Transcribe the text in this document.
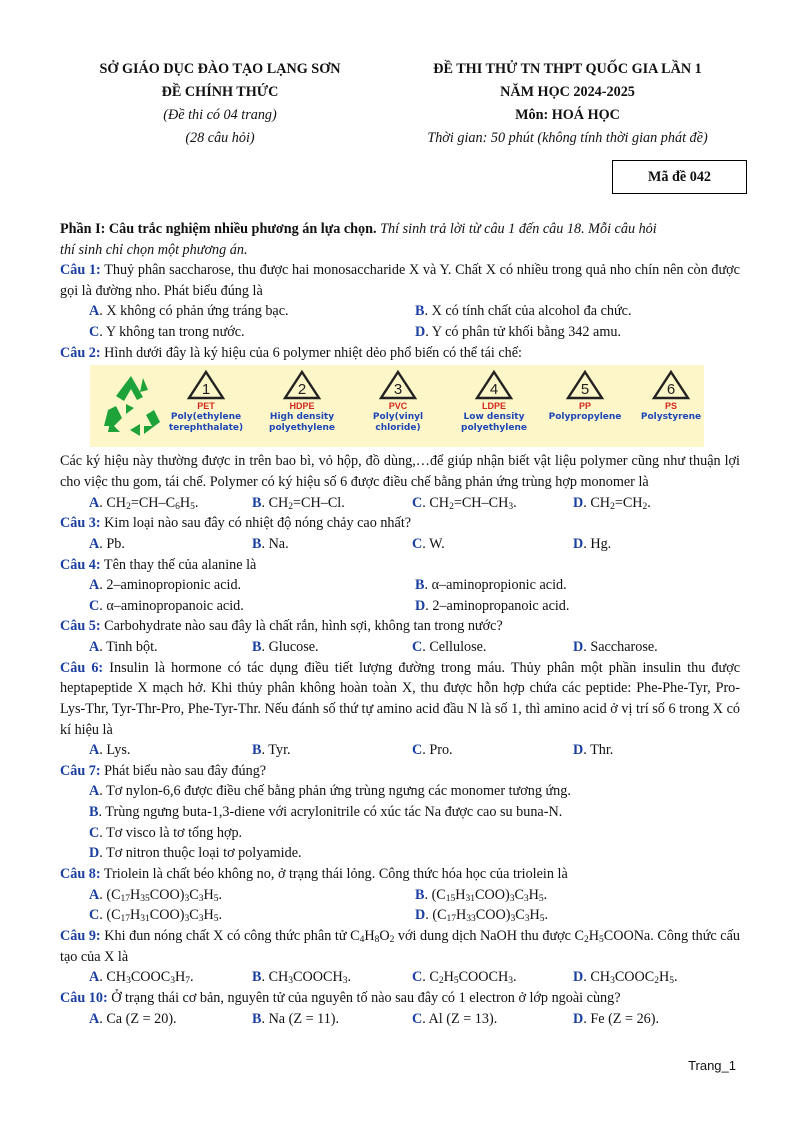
SỞ GIÁO DỤC ĐÀO TẠO LẠNG SƠN
ĐỀ CHÍNH THỨC
(Đề thi có 04 trang)
(28 câu hỏi)
ĐỀ THI THỬ TN THPT QUỐC GIA LẦN 1
NĂM HỌC 2024-2025
Môn: HOÁ HỌC
Thời gian: 50 phút (không tính thời gian phát đề)
Mã đề 042

Phần I: Câu trắc nghiệm nhiều phương án lựa chọn. Thí sinh trả lời từ câu 1 đến câu 18. Mỗi câu hỏi
thí sinh chỉ chọn một phương án.

Câu 1: Thuỷ phân saccharose, thu được hai monosaccharide X và Y. Chất X có nhiều trong quả nho chín nên còn được gọi là đường nho. Phát biểu đúng là

A. X không có phản ứng tráng bạc.	B. X có tính chất của alcohol đa chức.
C. Y không tan trong nước.	D. Y có phân tử khối bằng 342 amu.

Câu 2: Hình dưới đây là ký hiệu của 6 polymer nhiệt dẻo phổ biến có thể tái chế:

1
PET
Poly(ethylene
terephthalate)
2
HDPE
High density
polyethylene
3
PVC
Poly(vinyl
chloride)
4
LDPE
Low density
polyethylene
5
PP
Polypropylene
6
PS
Polystyrene

Các ký hiệu này thường được in trên bao bì, vỏ hộp, đồ dùng,…để giúp nhận biết vật liệu polymer cũng như thuận lợi cho việc thu gom, tái chế. Polymer có ký hiệu số 6 được điều chế bằng phản ứng trùng hợp monomer là

A. $CH_2=CH-C_6H_5$.	B. $CH_2=CH-Cl$.	C. $CH_2=CH-CH_3$.	D. $CH_2=CH_2$.

Câu 3: Kim loại nào sau đây có nhiệt độ nóng chảy cao nhất?

A. Pb.	B. Na.	C. W.	D. Hg.

Câu 4: Tên thay thế của alanine là

A. 2–aminopropionic acid.	B. α–aminopropionic acid.
C. α–aminopropanoic acid.	D. 2–aminopropanoic acid.

Câu 5: Carbohydrate nào sau đây là chất rắn, hình sợi, không tan trong nước?

A. Tinh bột.	B. Glucose.	C. Cellulose.	D. Saccharose.

Câu 6: Insulin là hormone có tác dụng điều tiết lượng đường trong máu. Thủy phân một phần insulin thu được heptapeptide X mạch hở. Khi thủy phân không hoàn toàn X, thu được hỗn hợp chứa các peptide: Phe-Phe-Tyr, Pro-Lys-Thr, Tyr-Thr-Pro, Phe-Tyr-Thr. Nếu đánh số thứ tự amino acid đầu N là số 1, thì amino acid ở vị trí số 6 trong X có kí hiệu là

A. Lys.	B. Tyr.	C. Pro.	D. Thr.

Câu 7: Phát biểu nào sau đây đúng?

A. Tơ nylon-6,6 được điều chế bằng phản ứng trùng ngưng các monomer tương ứng.
B. Trùng ngưng buta-1,3-diene với acrylonitrile có xúc tác Na được cao su buna-N.
C. Tơ visco là tơ tổng hợp.
D. Tơ nitron thuộc loại tơ polyamide.

Câu 8: Triolein là chất béo không no, ở trạng thái lỏng. Công thức hóa học của triolein là

A. $(C_{17}H_{35}COO)_3C_3H_5$.	B. $(C_{15}H_{31}COO)_3C_3H_5$.
C. $(C_{17}H_{31}COO)_3C_3H_5$.	D. $(C_{17}H_{33}COO)_3C_3H_5$.

Câu 9: Khi đun nóng chất X có công thức phân tử $C_4H_8O_2$ với dung dịch NaOH thu được $C_2H_5COONa$. Công thức cấu tạo của X là

A. $CH_3COOC_3H_7$.	B. $CH_3COOCH_3$.	C. $C_2H_5COOCH_3$.	D. $CH_3COOC_2H_5$.

Câu 10: Ở trạng thái cơ bản, nguyên tử của nguyên tố nào sau đây có 1 electron ở lớp ngoài cùng?

A. Ca (Z = 20).	B. Na (Z = 11).	C. Al (Z = 13).	D. Fe (Z = 26).
Trang_1
